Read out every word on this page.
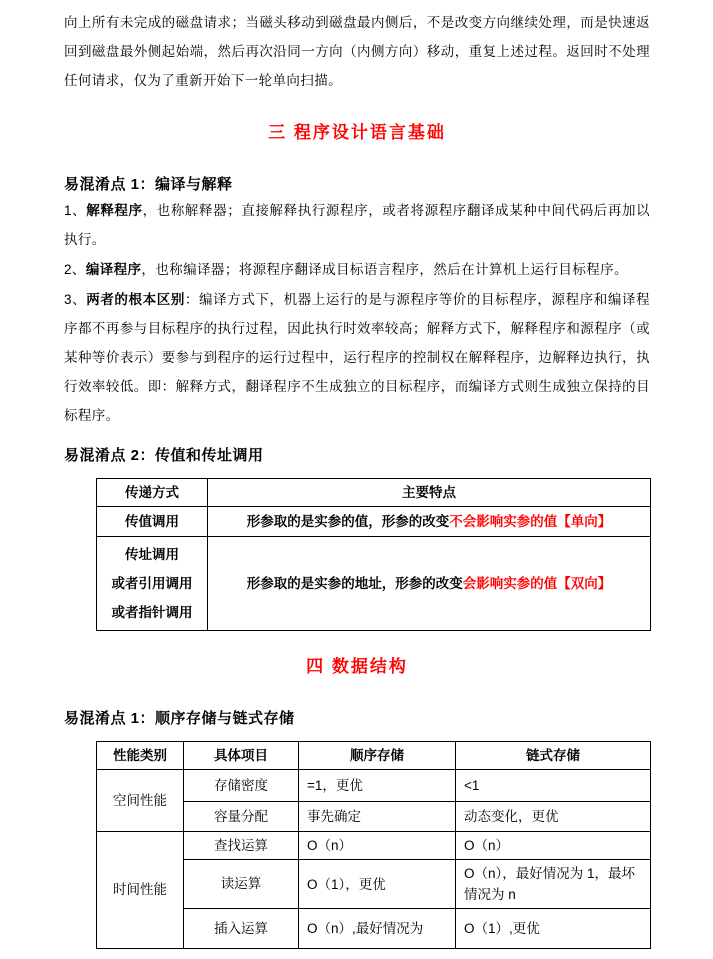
向上所有未完成的磁盘请求；当磁头移动到磁盘最内侧后，不是改变方向继续处理，而是快速返回到磁盘最外侧起始端，然后再次沿同一方向（内侧方向）移动，重复上述过程。返回时不处理任何请求，仅为了重新开始下一轮单向扫描。

三 程序设计语言基础
易混淆点 1：编译与解释

1、解释程序，也称解释器；直接解释执行源程序，或者将源程序翻译成某种中间代码后再加以执行。

2、编译程序，也称编译器；将源程序翻译成目标语言程序，然后在计算机上运行目标程序。

3、两者的根本区别：编译方式下，机器上运行的是与源程序等价的目标程序，源程序和编译程序都不再参与目标程序的执行过程，因此执行时效率较高；解释方式下，解释程序和源程序（或某种等价表示）要参与到程序的运行过程中，运行程序的控制权在解释程序，边解释边执行，执行效率较低。即：解释方式，翻译程序不生成独立的目标程序，而编译方式则生成独立保持的目标程序。

易混淆点 2：传值和传址调用
传递方式	主要特点
传值调用	形参取的是实参的值，形参的改变不会影响实参的值【单向】

传址调用
或者引用调用
或者指针调用	形参取的是实参的地址，形参的改变会影响实参的值【双向】
四 数据结构
易混淆点 1：顺序存储与链式存储
性能类别	具体项目	顺序存储	链式存储
空间性能	存储密度	=1，更优	<1
	容量分配	事先确定	动态变化，更优
时间性能	查找运算	O（n）	O（n）
	读运算	O（1），更优	O（n），最好情况为 1，最坏情况为 n
	插入运算	O（n）,最好情况为	O（1）,更优
